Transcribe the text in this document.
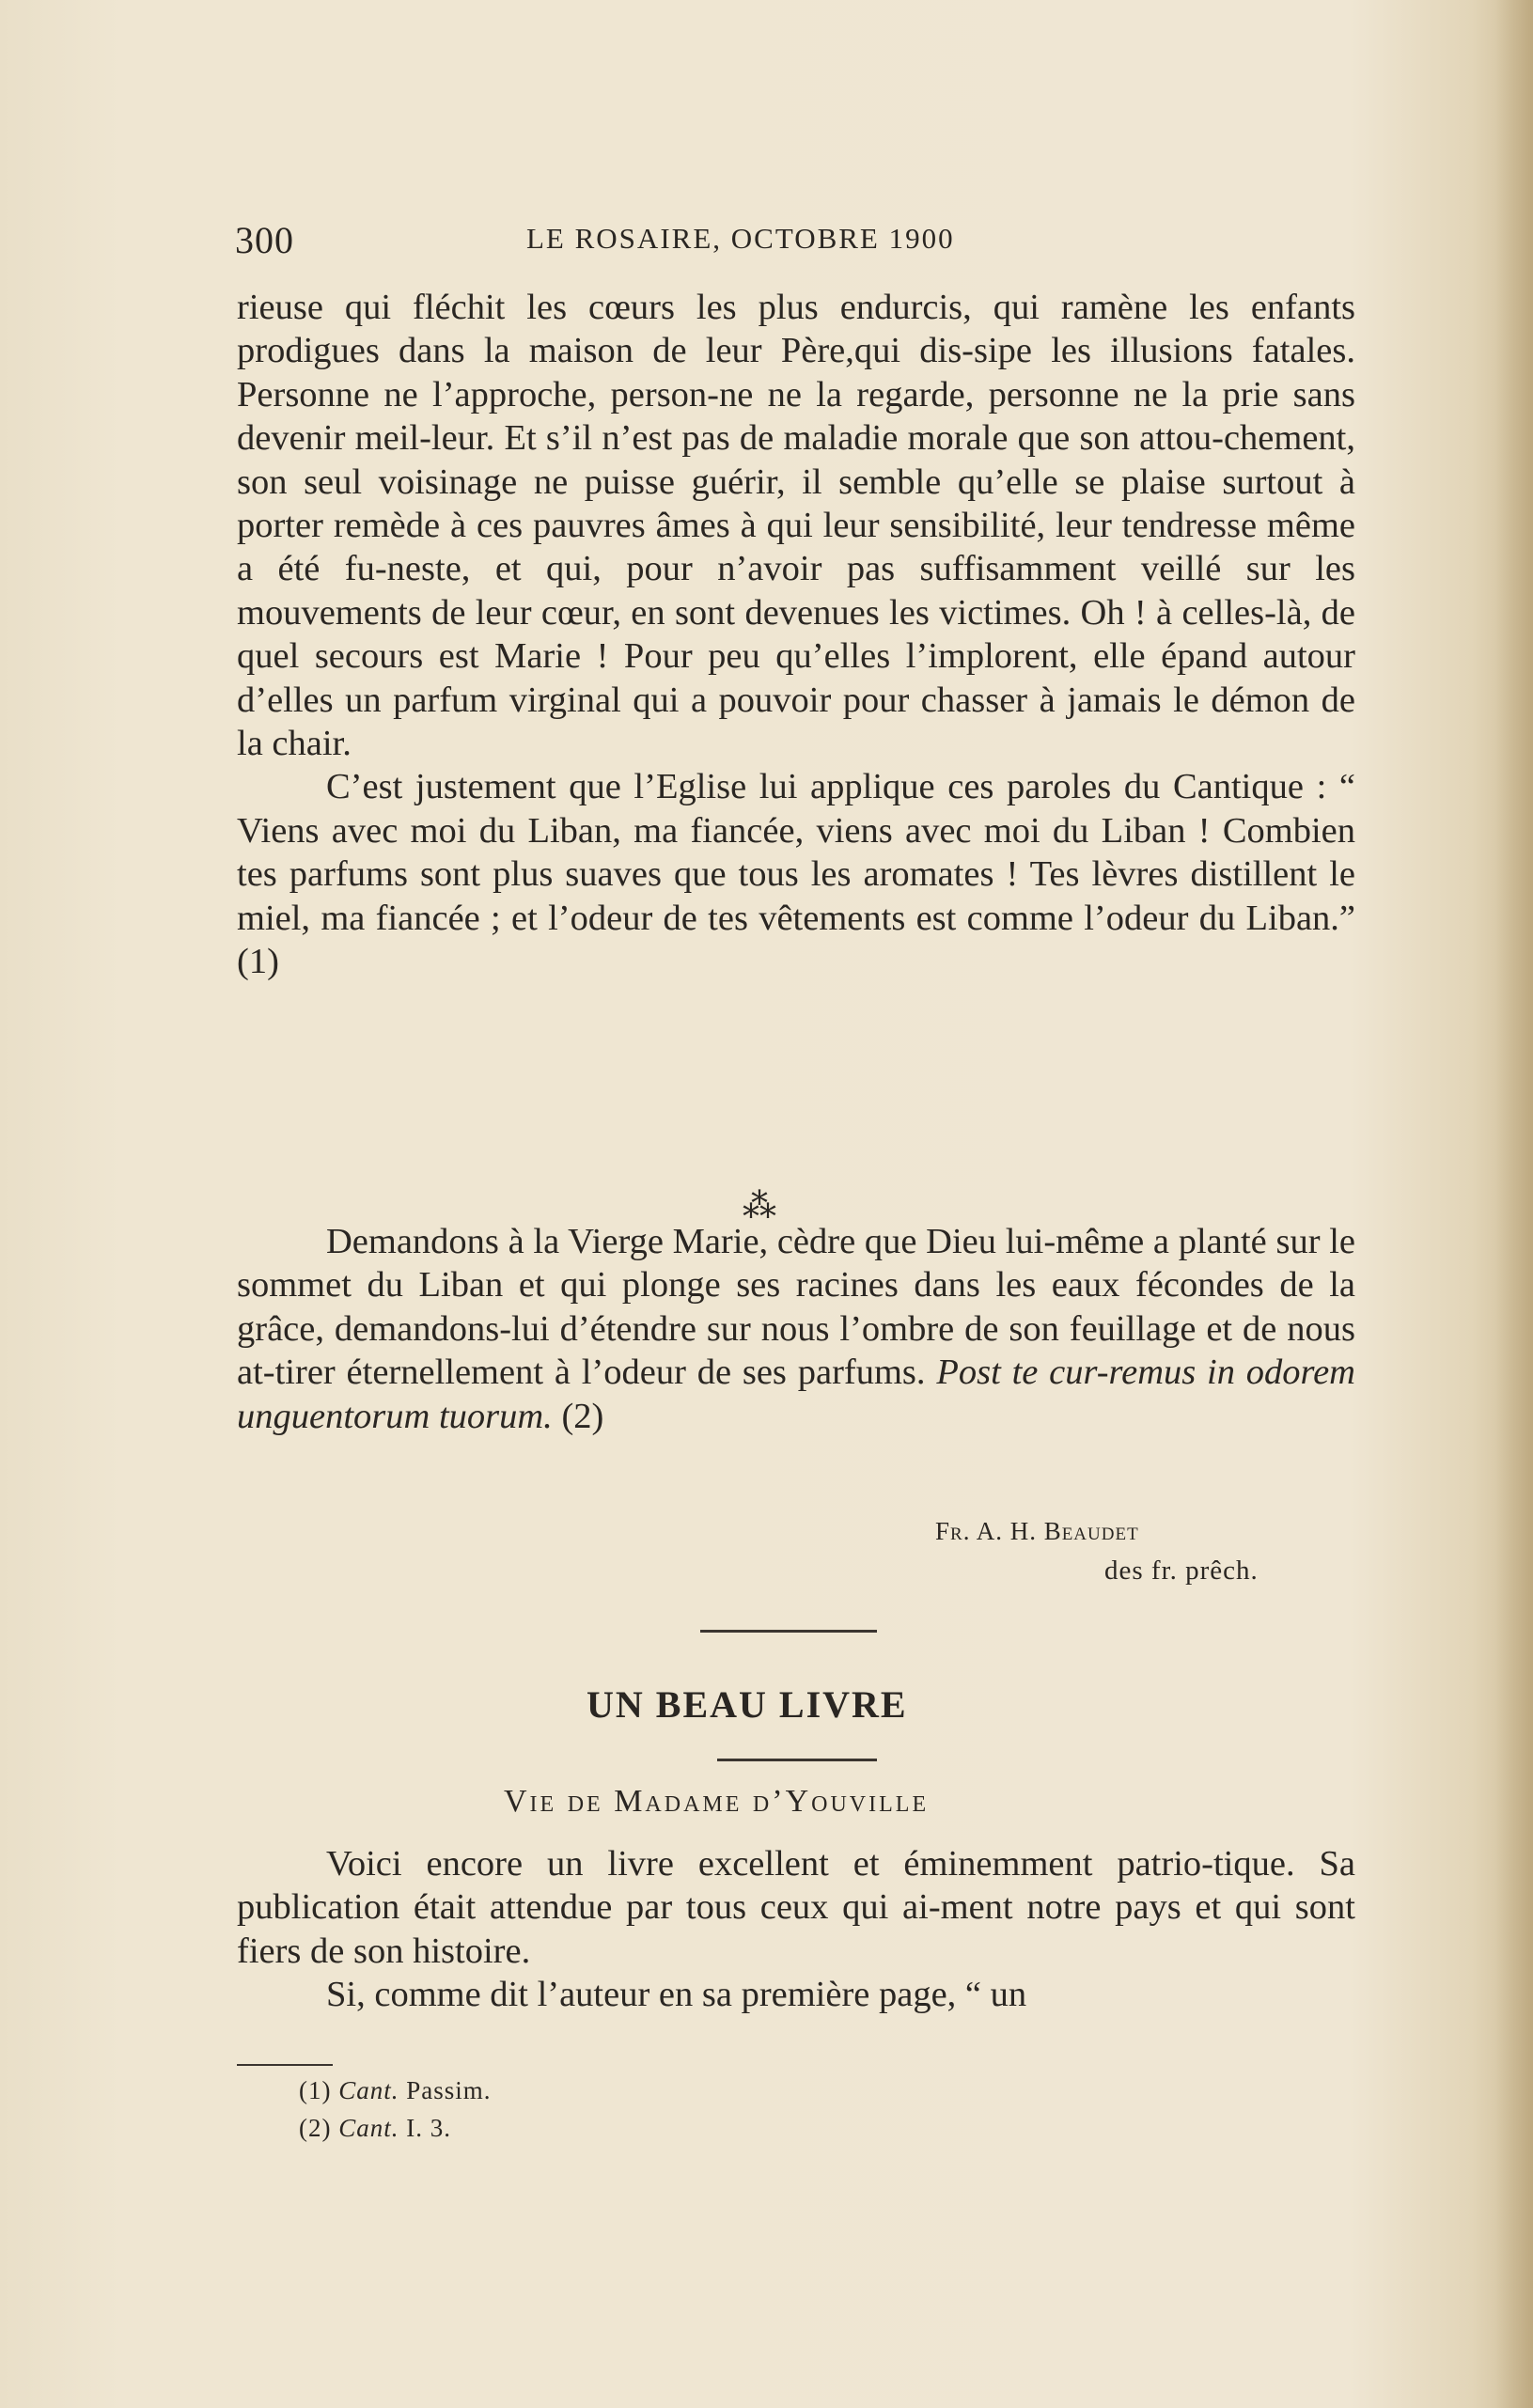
300	LE ROSAIRE, OCTOBRE 1900

rieuse qui fléchit les cœurs les plus endurcis, qui ramène les enfants prodigues dans la maison de leur Père,qui dis-sipe les illusions fatales. Personne ne l’approche, person-ne ne la regarde, personne ne la prie sans devenir meil-leur. Et s’il n’est pas de maladie morale que son attou-chement, son seul voisinage ne puisse guérir, il semble qu’elle se plaise surtout à porter remède à ces pauvres âmes à qui leur sensibilité, leur tendresse même a été fu-neste, et qui, pour n’avoir pas suffisamment veillé sur les mouvements de leur cœur, en sont devenues les victimes. Oh ! à celles-là, de quel secours est Marie ! Pour peu qu’elles l’implorent, elle épand autour d’elles un parfum virginal qui a pouvoir pour chasser à jamais le démon de la chair.

C’est justement que l’Eglise lui applique ces paroles du Cantique : “ Viens avec moi du Liban, ma fiancée, viens avec moi du Liban ! Combien tes parfums sont plus suaves que tous les aromates ! Tes lèvres distillent le miel, ma fiancée ; et l’odeur de tes vêtements est comme l’odeur du Liban.” (1)

⁂

Demandons à la Vierge Marie, cèdre que Dieu lui-même a planté sur le sommet du Liban et qui plonge ses racines dans les eaux fécondes de la grâce, demandons-lui d’étendre sur nous l’ombre de son feuillage et de nous at-tirer éternellement à l’odeur de ses parfums. Post te cur-remus in odorem unguentorum tuorum. (2)

Fr. A. H. Beaudet
des fr. prêch.
UN BEAU LIVRE
Vie de Madame d’Youville

Voici encore un livre excellent et éminemment patrio-tique. Sa publication était attendue par tous ceux qui ai-ment notre pays et qui sont fiers de son histoire.

Si, comme dit l’auteur en sa première page, “ un

(1) Cant. Passim.
(2) Cant. I. 3.
